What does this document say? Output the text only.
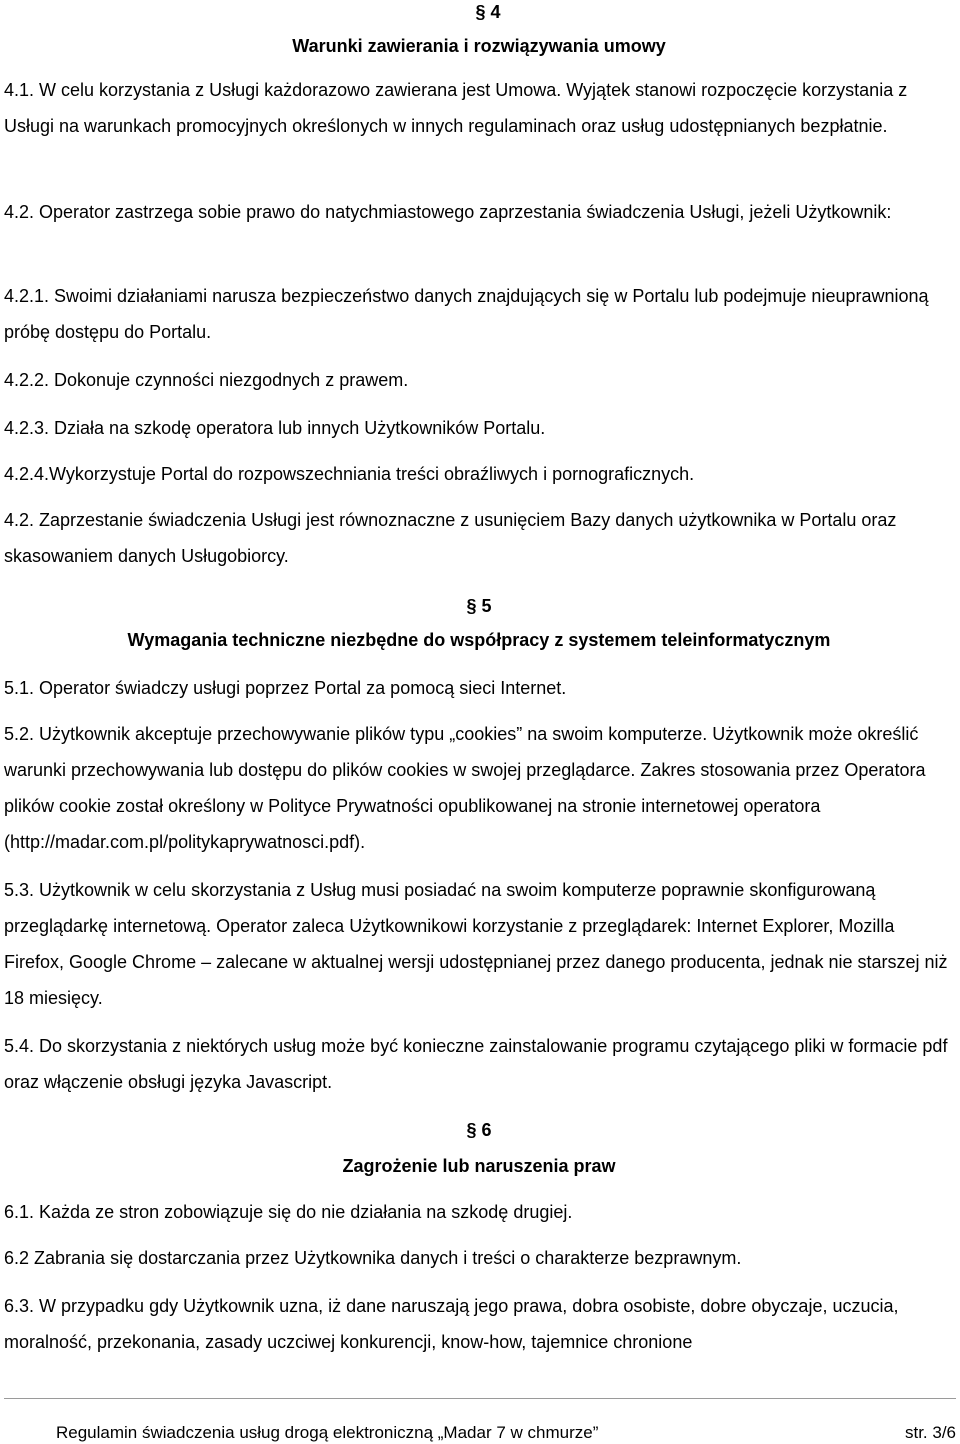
§ 4
Warunki zawierania i rozwiązywania umowy

4.1. W celu korzystania z Usługi każdorazowo zawierana jest Umowa. Wyjątek stanowi rozpoczęcie korzystania z Usługi na warunkach promocyjnych określonych w innych regulaminach oraz usług udostępnianych bezpłatnie.

4.2. Operator zastrzega sobie prawo do natychmiastowego zaprzestania świadczenia Usługi, jeżeli Użytkownik:

4.2.1. Swoimi działaniami narusza bezpieczeństwo danych znajdujących się w Portalu lub podejmuje nieuprawnioną próbę dostępu do Portalu.

4.2.2. Dokonuje czynności niezgodnych z prawem.

4.2.3. Działa na szkodę operatora lub innych Użytkowników Portalu.

4.2.4.Wykorzystuje Portal do rozpowszechniania treści obraźliwych i pornograficznych.

4.2. Zaprzestanie świadczenia Usługi jest równoznaczne z usunięciem Bazy danych użytkownika w Portalu oraz skasowaniem danych Usługobiorcy.

§ 5
Wymagania techniczne niezbędne do współpracy z systemem teleinformatycznym

5.1. Operator świadczy usługi poprzez Portal za pomocą sieci Internet.

5.2. Użytkownik akceptuje przechowywanie plików typu „cookies” na swoim komputerze. Użytkownik może określić warunki przechowywania lub dostępu do plików cookies w swojej przeglądarce. Zakres stosowania przez Operatora plików cookie został określony w Polityce Prywatności opublikowanej na stronie internetowej operatora (http://madar.com.pl/politykaprywatnosci.pdf).

5.3. Użytkownik w celu skorzystania z Usług musi posiadać na swoim komputerze poprawnie skonfigurowaną przeglądarkę internetową. Operator zaleca Użytkownikowi korzystanie z przeglądarek: Internet Explorer, Mozilla Firefox, Google Chrome – zalecane w aktualnej wersji udostępnianej przez danego producenta, jednak nie starszej niż 18 miesięcy.

5.4. Do skorzystania z niektórych usług może być konieczne zainstalowanie programu czytającego pliki w formacie pdf oraz włączenie obsługi języka Javascript.

§ 6
Zagrożenie lub naruszenia praw

6.1. Każda ze stron zobowiązuje się do nie działania na szkodę drugiej.

6.2 Zabrania się dostarczania przez Użytkownika danych i treści o charakterze bezprawnym.

6.3. W przypadku gdy Użytkownik uzna, iż dane naruszają jego prawa, dobra osobiste, dobre obyczaje, uczucia, moralność, przekonania, zasady uczciwej konkurencji, know-how, tajemnice chronione

Regulamin świadczenia usług drogą elektroniczną „Madar 7 w chmurze”	str. 3/6
